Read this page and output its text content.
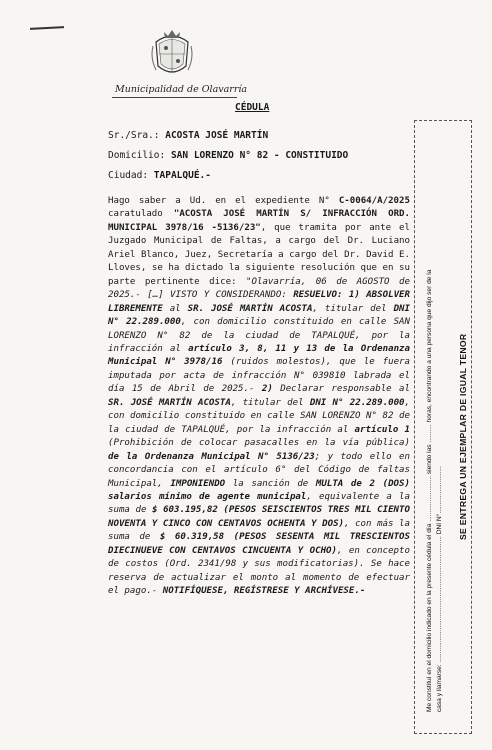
Municipalidad de Olavarría
CÉDULA
Sr./Sra.: ACOSTA JOSÉ MARTÍN
Domicilio: SAN LORENZO N° 82 - CONSTITUIDO
Ciudad: TAPALQUÉ.-
Hago saber a Ud. en el expediente N° C-0064/A/2025 caratulado "ACOSTA JOSÉ MARTÍN S/ INFRACCIÓN ORD. MUNICIPAL 3978/16 -5136/23", que tramita por ante el Juzgado Municipal de Faltas, a cargo del Dr. Luciano Ariel Blanco, Juez, Secretaría a cargo del Dr. David E. Lloves, se ha dictado la siguiente resolución que en su parte pertinente dice: "Olavarría, 06 de AGOSTO de 2025.- […] VISTO Y CONSIDERANDO: RESUELVO: 1) ABSOLVER LIBREMENTE al SR. JOSÉ MARTÍN ACOSTA, titular del DNI N° 22.289.000, con domicilio constituido en calle SAN LORENZO N° 82 de la ciudad de TAPALQUÉ, por la infracción al artículo 3, 8, 11 y 13 de la Ordenanza Municipal N° 3978/16 (ruidos molestos), que le fuera imputada por acta de infracción N° 039810 labrada el día 15 de Abril de 2025.- 2) Declarar responsable al SR. JOSÉ MARTÍN ACOSTA, titular del DNI N° 22.289.000, con domicilio constituido en calle SAN LORENZO N° 82 de la ciudad de TAPALQUÉ, por la infracción al artículo 1 (Prohibición de colocar pasacalles en la vía pública) de la Ordenanza Municipal N° 5136/23; y todo ello en concordancia con el artículo 6° del Código de faltas Municipal, IMPONIENDO la sanción de MULTA de 2 (DOS) salarios mínimo de agente municipal, equivalente a la suma de $ 603.195,82 (PESOS SEISCIENTOS TRES MIL CIENTO NOVENTA Y CINCO CON CENTAVOS OCHENTA Y DOS), con más la suma de $ 60.319,58 (PESOS SESENTA MIL TRESCIENTOS DIECINUEVE CON CENTAVOS CINCUENTA Y OCHO), en concepto de costos (Ord. 2341/98 y sus modificatorias). Se hace reserva de actualizar el monto al momento de efectuar el pago.- NOTIFÍQUESE, REGÍSTRESE Y ARCHÍVESE.-	Me constituí en el domicilio indicado en la presente cédula el día ......................... siendo las .......... horas, encontrando a una persona que dijo ser de la casa y llamarse: ..................................................................... DNI N°..........................
SE ENTREGA UN EJEMPLAR DE IGUAL TENOR
